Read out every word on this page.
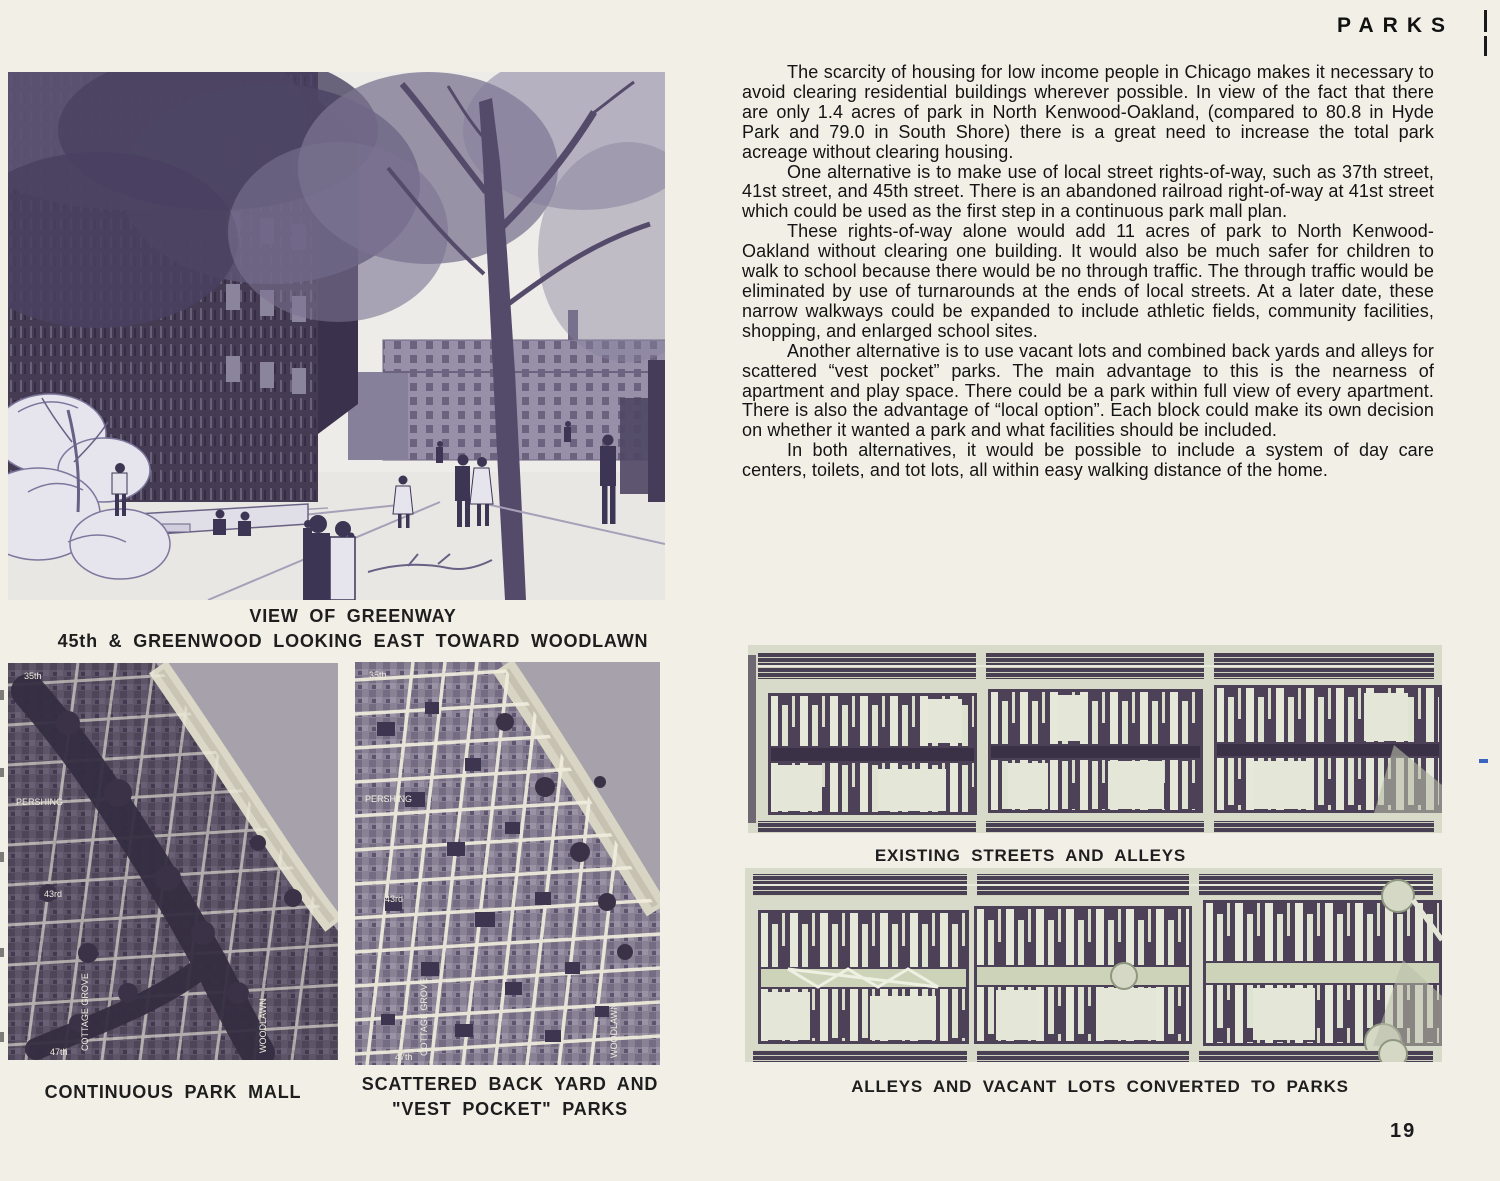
PARKS
VIEW OF GREENWAY
45th & GREENWOOD LOOKING EAST TOWARD WOODLAWN
35th
PERSHING
43rd
47th
COTTAGE GROVE	WOODLAWN
35th
PERSHING
43rd
47th
COTTAGE GROVE	WOODLAWN
CONTINUOUS PARK MALL	SCATTERED BACK YARD AND
"VEST POCKET" PARKS

The scarcity of housing for low income people in Chicago makes it necessary to avoid clearing residential buildings wherever possible. In view of the fact that there are only 1.4 acres of park in North Kenwood-Oakland, (compared to 80.8 in Hyde Park and 79.0 in South Shore) there is a great need to increase the total park acreage without clearing housing.

One alternative is to make use of local street rights-of-way, such as 37th street, 41st street, and 45th street. There is an abandoned railroad right-of-way at 41st street which could be used as the first step in a continuous park mall plan.

These rights-of-way alone would add 11 acres of park to North Kenwood-Oakland without clearing one building. It would also be much safer for children to walk to school because there would be no through traffic. The through traffic would be eliminated by use of turnarounds at the ends of local streets. At a later date, these narrow walkways could be expanded to include athletic fields, community facilities, shopping, and enlarged school sites.

Another alternative is to use vacant lots and combined back yards and alleys for scattered “vest pocket” parks. The main advantage to this is the nearness of apartment and play space. There could be a park within full view of every apartment. There is also the advantage of “local option”. Each block could make its own decision on whether it wanted a park and what facilities should be included.

In both alternatives, it would be possible to include a system of day care centers, toilets, and tot lots, all within easy walking distance of the home.

EXISTING STREETS AND ALLEYS
ALLEYS AND VACANT LOTS CONVERTED TO PARKS
19
